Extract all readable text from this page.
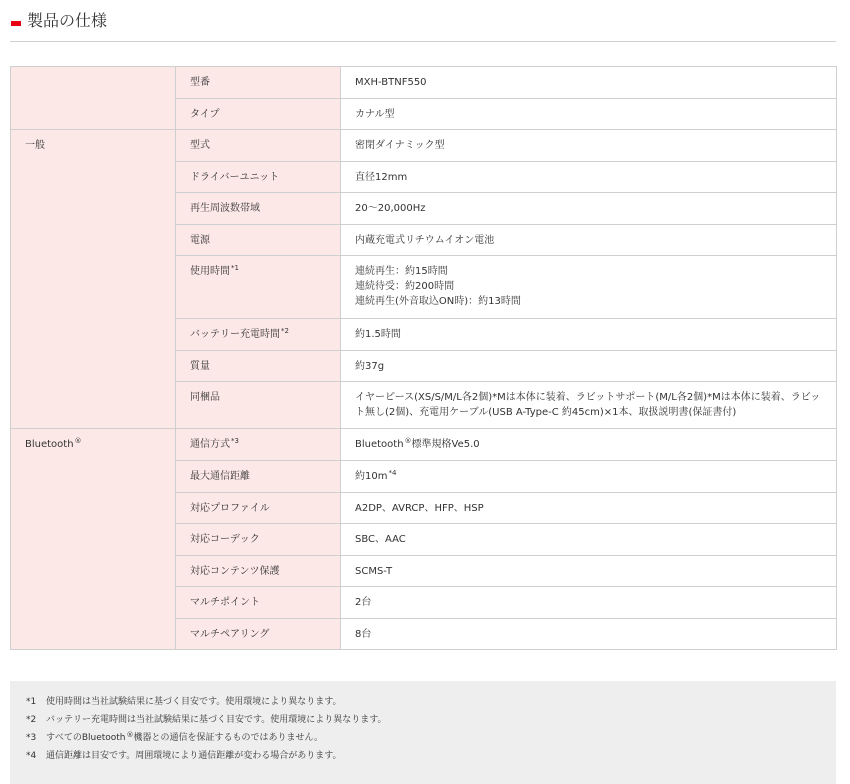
製品の仕様
	型番	MXH-BTNF550
	タイプ	カナル型
一般	型式	密閉ダイナミック型
	ドライバーユニット	直径12mm
	再生周波数帯域	20〜20,000Hz
	電源	内蔵充電式リチウムイオン電池
	使用時間$^{*1}$	連続再生：約15時間
連続待受：約200時間
連続再生(外音取込ON時)：約13時間

	バッテリー充電時間$^{*2}$	約1.5時間
	質量	約37g
	同梱品	イヤーピース(XS/S/M/L各2個)*Mは本体に装着、ラビットサポート(M/L各2個)*Mは本体に装着、ラビット無し(2個)、充電用ケーブル(USB A-Type-C 約45cm)×1本、取扱説明書(保証書付)
Bluetooth®	通信方式$^{*3}$	Bluetooth®標準規格Ve5.0
	最大通信距離	約$10m^{*4}$
	対応プロファイル	A2DP、AVRCP、HFP、HSP
	対応コーデック	SBC、AAC
	対応コンテンツ保護	SCMS-T
	マルチポイント	2台
	マルチペアリング	8台
*1 使用時間は当社試験結果に基づく目安です。使用環境により異なります。
*2 バッテリー充電時間は当社試験結果に基づく目安です。使用環境により異なります。
*3 すべてのBluetooth®機器との通信を保証するものではありません。
*4 通信距離は目安です。周囲環境により通信距離が変わる場合があります。
